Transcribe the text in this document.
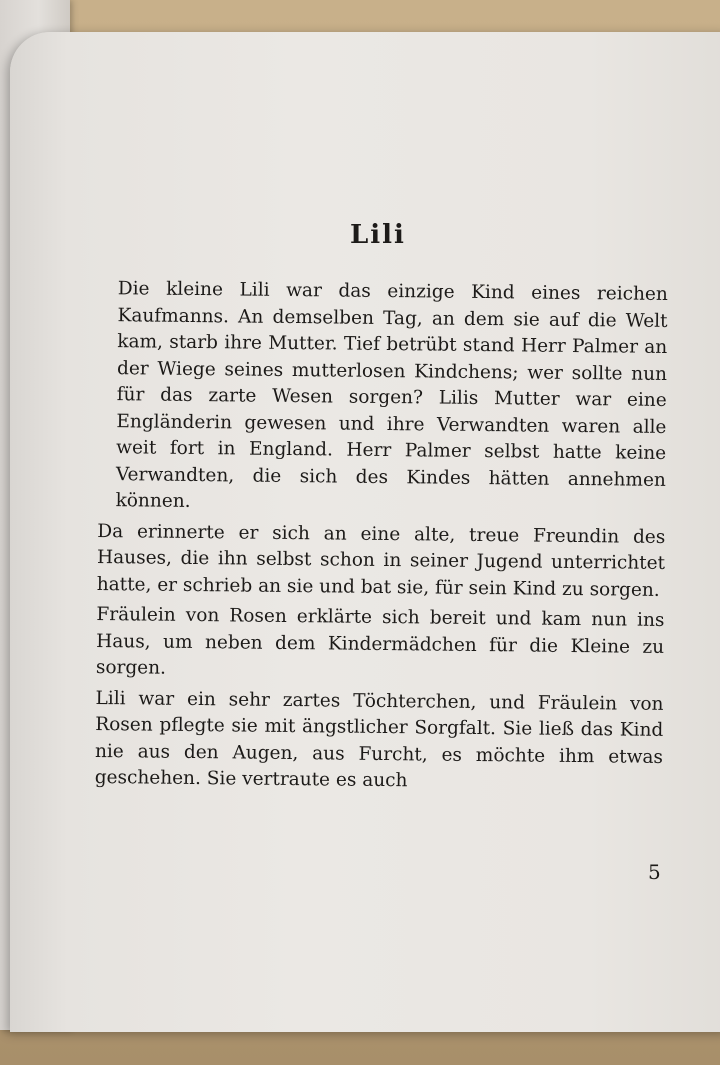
Lili

Die kleine Lili war das einzige Kind eines reichen Kaufmanns. An demselben Tag, an dem sie auf die Welt kam, starb ihre Mutter. Tief betrübt stand Herr Palmer an der Wiege seines mutterlosen Kindchens; wer sollte nun für das zarte Wesen sorgen? Lilis Mutter war eine Engländerin gewesen und ihre Verwandten waren alle weit fort in England. Herr Palmer selbst hatte keine Verwandten, die sich des Kindes hätten annehmen können.

Da erinnerte er sich an eine alte, treue Freundin des Hauses, die ihn selbst schon in seiner Jugend unterrichtet hatte, er schrieb an sie und bat sie, für sein Kind zu sorgen.

Fräulein von Rosen erklärte sich bereit und kam nun ins Haus, um neben dem Kindermädchen für die Kleine zu sorgen.

Lili war ein sehr zartes Töchterchen, und Fräulein von Rosen pflegte sie mit ängstlicher Sorgfalt. Sie ließ das Kind nie aus den Augen, aus Furcht, es möchte ihm etwas geschehen. Sie vertraute es auch

5
